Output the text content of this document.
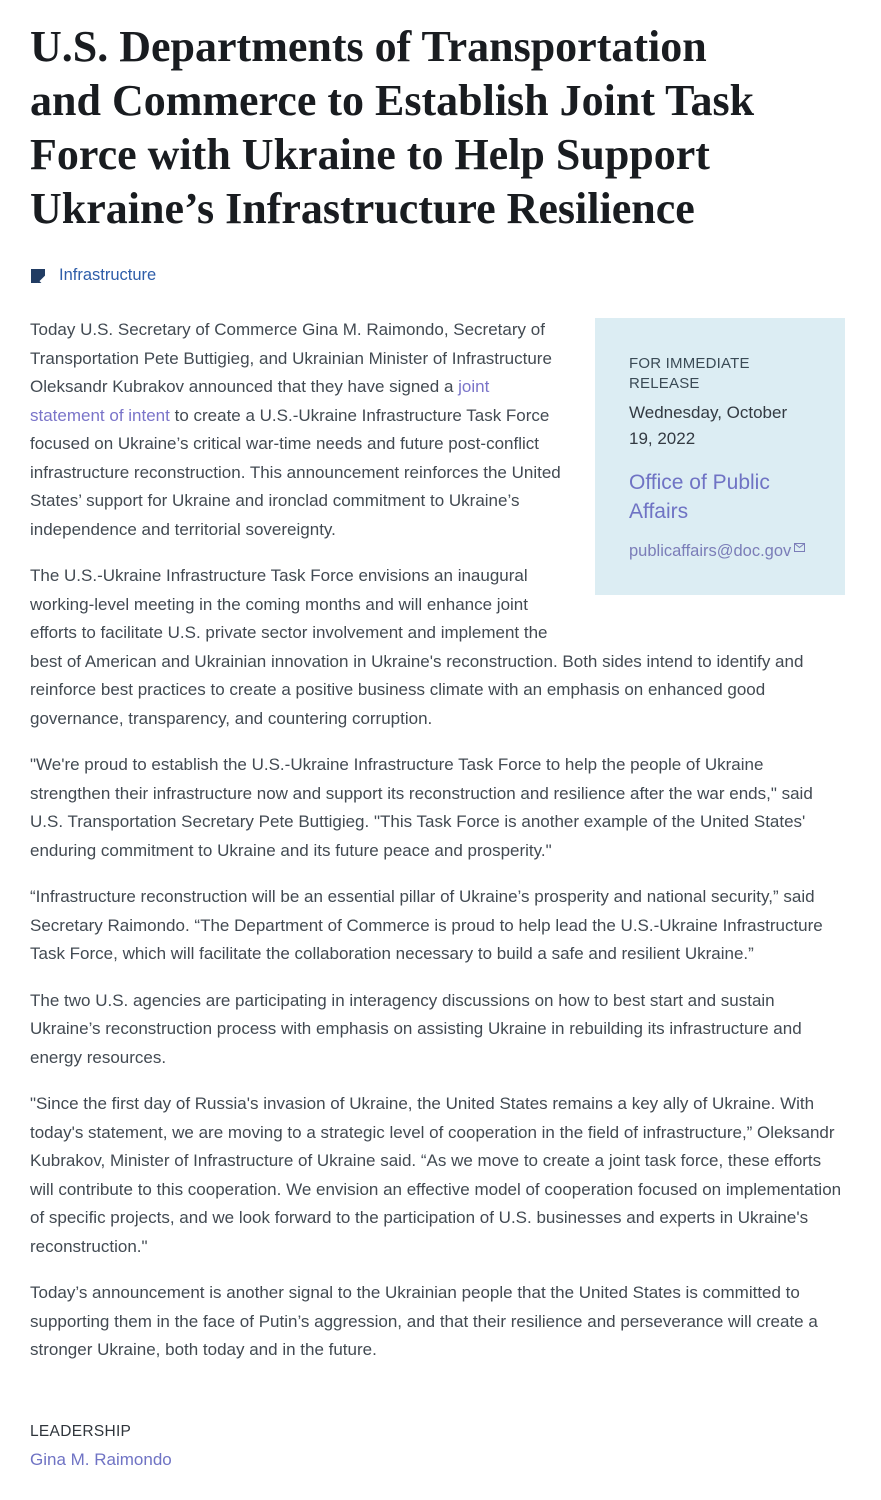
U.S. Departments of Transportation
and Commerce to Establish Joint Task
Force with Ukraine to Help Support
Ukraine’s Infrastructure Resilience
Infrastructure

FOR IMMEDIATE RELEASE

Wednesday, October 19, 2022

Office of Public Affairs
publicaffairs@doc.gov

Today U.S. Secretary of Commerce Gina M. Raimondo, Secretary of Transportation Pete Buttigieg, and Ukrainian Minister of Infrastructure Oleksandr Kubrakov announced that they have signed a joint statement of intent to create a U.S.-Ukraine Infrastructure Task Force focused on Ukraine’s critical war-time needs and future post-conflict infrastructure reconstruction. This announcement reinforces the United States’ support for Ukraine and ironclad commitment to Ukraine’s independence and territorial sovereignty.

The U.S.-Ukraine Infrastructure Task Force envisions an inaugural working-level meeting in the coming months and will enhance joint efforts to facilitate U.S. private sector involvement and implement the best of American and Ukrainian innovation in Ukraine's reconstruction. Both sides intend to identify and reinforce best practices to create a positive business climate with an emphasis on enhanced good governance, transparency, and countering corruption.

"We're proud to establish the U.S.-Ukraine Infrastructure Task Force to help the people of Ukraine strengthen their infrastructure now and support its reconstruction and resilience after the war ends," said U.S. Transportation Secretary Pete Buttigieg. "This Task Force is another example of the United States' enduring commitment to Ukraine and its future peace and prosperity."

“Infrastructure reconstruction will be an essential pillar of Ukraine’s prosperity and national security,” said Secretary Raimondo. “The Department of Commerce is proud to help lead the U.S.-Ukraine Infrastructure Task Force, which will facilitate the collaboration necessary to build a safe and resilient Ukraine.”

The two U.S. agencies are participating in interagency discussions on how to best start and sustain Ukraine’s reconstruction process with emphasis on assisting Ukraine in rebuilding its infrastructure and energy resources.

"Since the first day of Russia's invasion of Ukraine, the United States remains a key ally of Ukraine. With today's statement, we are moving to a strategic level of cooperation in the field of infrastructure,” Oleksandr Kubrakov, Minister of Infrastructure of Ukraine said. “As we move to create a joint task force, these efforts will contribute to this cooperation. We envision an effective model of cooperation focused on implementation of specific projects, and we look forward to the participation of U.S. businesses and experts in Ukraine's reconstruction."

Today’s announcement is another signal to the Ukrainian people that the United States is committed to supporting them in the face of Putin’s aggression, and that their resilience and perseverance will create a stronger Ukraine, both today and in the future.

LEADERSHIP

Gina M. Raimondo
